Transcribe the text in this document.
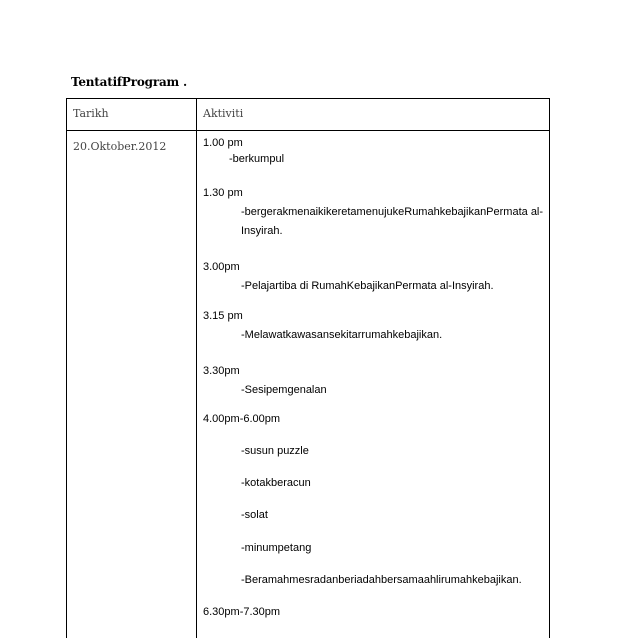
TentatifProgram .
Tarikh	Aktiviti
20.Oktober.2012	1.00 pm
-berkumpul
1.30 pm
-bergerakmenaikikeretamenujukeRumahkebajikanPermata al-
Insyirah.
3.00pm
-Pelajartiba di RumahKebajikanPermata al-Insyirah.
3.15 pm
-Melawatkawasansekitarrumahkebajikan.
3.30pm
-Sesipemgenalan
4.00pm-6.00pm
-susun puzzle
-kotakberacun
-solat
-minumpetang
-Beramahmesradanberiadahbersamaahlirumahkebajikan.
6.30pm-7.30pm
